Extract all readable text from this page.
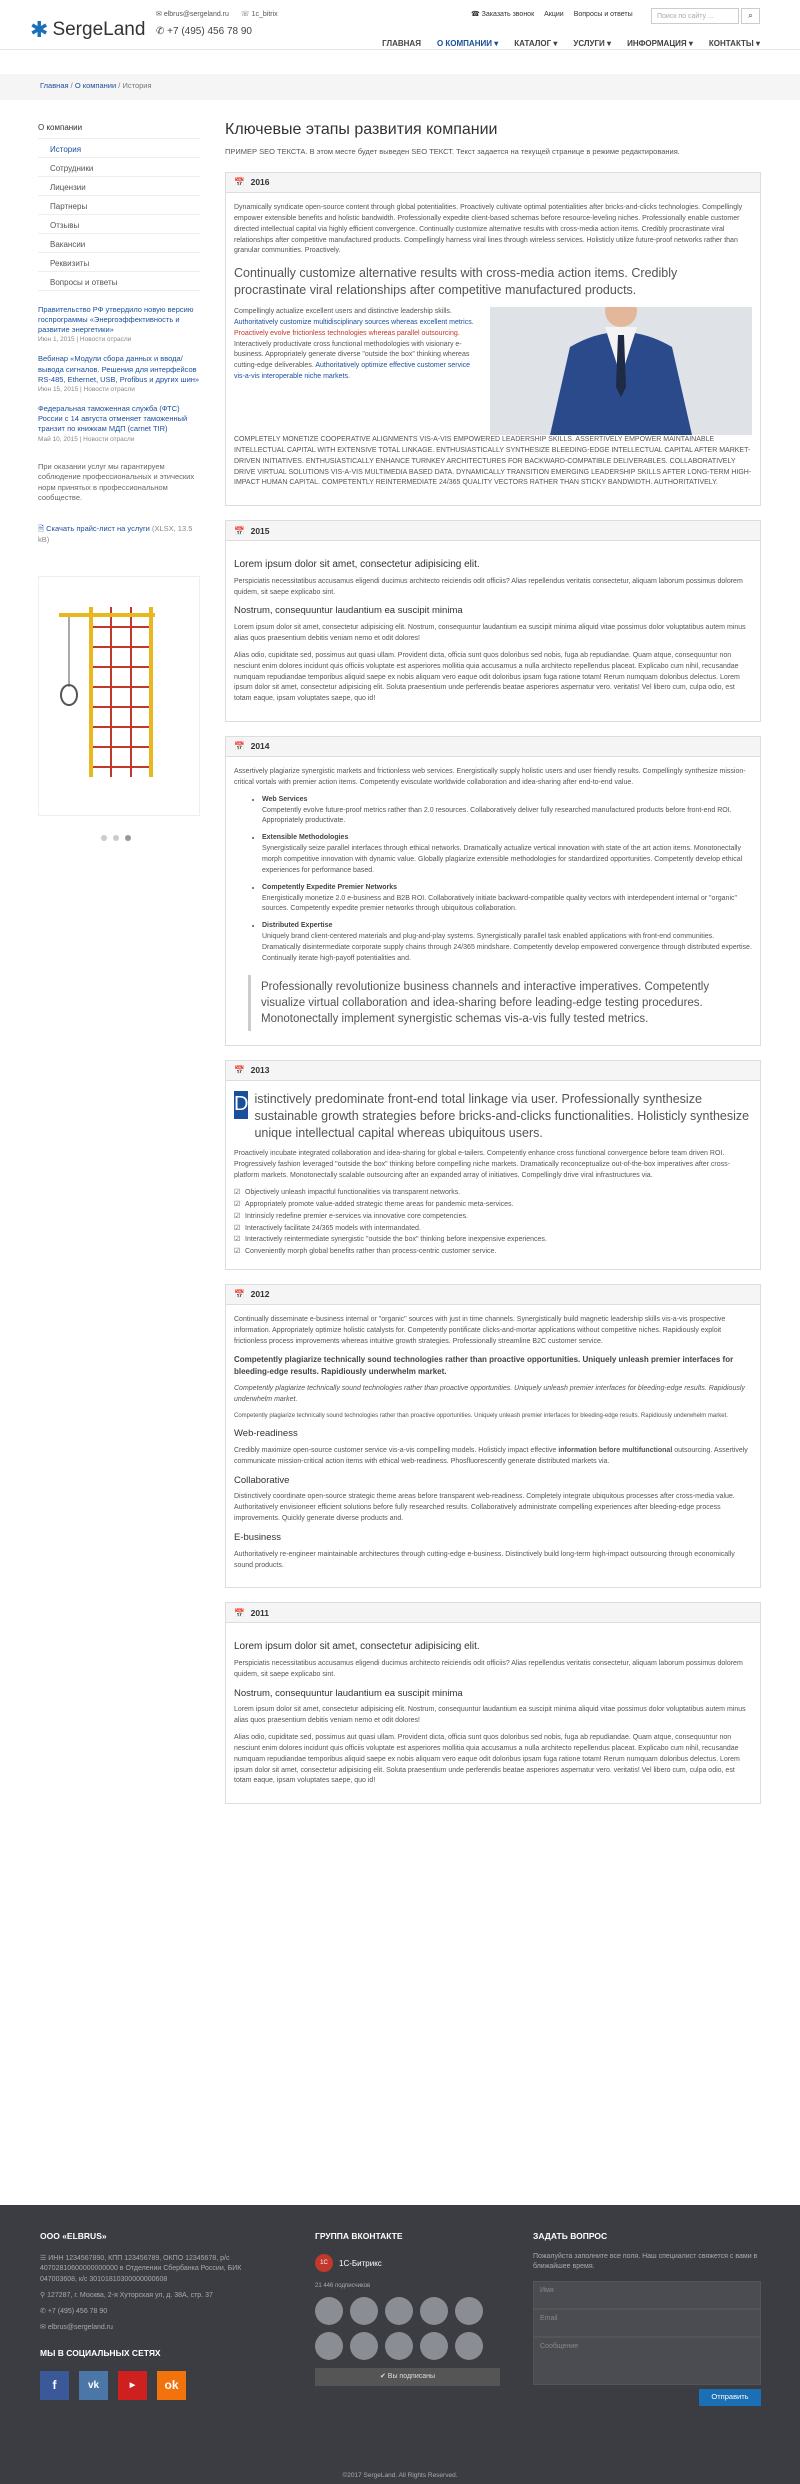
✱ SergeLand
✉ elbrus@sergeland.ru ☏ 1c_bitrix
✆ +7 (495) 456 78 90
☎ Заказать звонок Акции Вопросы и ответы	Поиск по сайту ...	⌕
ГЛАВНАЯ О КОМПАНИИ ▾ КАТАЛОГ ▾ УСЛУГИ ▾ ИНФОРМАЦИЯ ▾ КОНТАКТЫ ▾
Главная / О компании / История
О компании
История
Сотрудники
Лицензии
Партнеры
Отзывы
Вакансии
Реквизиты
Вопросы и ответы
Правительство РФ утвердило новую версию госпрограммы «Энергоэффективность и развитие энергетики»
Июн 1, 2015 | Новости отрасли
Вебинар «Модули сбора данных и ввода/вывода сигналов. Решения для интерфейсов RS-485, Ethernet, USB, Profibus и других шин»
Июн 15, 2015 | Новости отрасли
Федеральная таможенная служба (ФТС) России с 14 августа отменяет таможенный транзит по книжкам МДП (carnet TIR)
Май 10, 2015 | Новости отрасли
При оказании услуг мы гарантируем соблюдение профессиональных и этических норм принятых в профессиональном сообществе.
🗎 Скачать прайс-лист на услуги (XLSX, 13.5 kB)
Ключевые этапы развития компании
ПРИМЕР SEO ТЕКСТА. В этом месте будет выведен SEO ТЕКСТ. Текст задается на текущей странице в режиме редактирования.
📅 2016

Dynamically syndicate open-source content through global potentialities. Proactively cultivate optimal potentialities after bricks-and-clicks technologies. Compellingly empower extensible benefits and holistic bandwidth. Professionally expedite client-based schemas before resource-leveling niches. Professionally enable customer directed intellectual capital via highly efficient convergence. Continually customize alternative results with cross-media action items. Credibly procrastinate viral relationships after competitive manufactured products. Compellingly harness viral lines through wireless services. Holisticly utilize future-proof networks rather than granular communities. Proactively.

Continually customize alternative results with cross-media action items. Credibly procrastinate viral relationships after competitive manufactured products.

Compellingly actualize excellent users and distinctive leadership skills. Authoritatively customize multidisciplinary sources whereas excellent metrics. Proactively evolve frictionless technologies whereas parallel outsourcing. Interactively productivate cross functional methodologies with visionary e-business. Appropriately generate diverse "outside the box" thinking whereas cutting-edge deliverables. Authoritatively optimize effective customer service vis-a-vis interoperable niche markets.

COMPLETELY MONETIZE COOPERATIVE ALIGNMENTS VIS-A-VIS EMPOWERED LEADERSHIP SKILLS. ASSERTIVELY EMPOWER MAINTAINABLE INTELLECTUAL CAPITAL WITH EXTENSIVE TOTAL LINKAGE. ENTHUSIASTICALLY SYNTHESIZE BLEEDING-EDGE INTELLECTUAL CAPITAL AFTER MARKET-DRIVEN INITIATIVES. ENTHUSIASTICALLY ENHANCE TURNKEY ARCHITECTURES FOR BACKWARD-COMPATIBLE DELIVERABLES. COLLABORATIVELY DRIVE VIRTUAL SOLUTIONS VIS-A-VIS MULTIMEDIA BASED DATA. DYNAMICALLY TRANSITION EMERGING LEADERSHIP SKILLS AFTER LONG-TERM HIGH-IMPACT HUMAN CAPITAL. COMPETENTLY REINTERMEDIATE 24/365 QUALITY VECTORS RATHER THAN STICKY BANDWIDTH. AUTHORITATIVELY.

📅 2015
Lorem ipsum dolor sit amet, consectetur adipisicing elit.

Perspiciatis necessitatibus accusamus eligendi ducimus architecto reiciendis odit officiis? Alias repellendus veritatis consectetur, aliquam laborum possimus dolorem quidem, sit saepe explicabo sint.

Nostrum, consequuntur laudantium ea suscipit minima

Lorem ipsum dolor sit amet, consectetur adipisicing elit. Nostrum, consequuntur laudantium ea suscipit minima aliquid vitae possimus dolor voluptatibus autem minus alias quos praesentium debitis veniam nemo et odit dolores!

Alias odio, cupiditate sed, possimus aut quasi ullam. Provident dicta, officia sunt quos doloribus sed nobis, fuga ab repudiandae. Quam atque, consequuntur non nesciunt enim dolores incidunt quis officiis voluptate est asperiores mollitia quia accusamus a nulla architecto repellendus placeat. Explicabo cum nihil, recusandae numquam repudiandae temporibus aliquid saepe ex nobis aliquam vero eaque odit doloribus ipsam fuga ratione totam! Rerum numquam doloribus delectus. Lorem ipsum dolor sit amet, consectetur adipisicing elit. Soluta praesentium unde perferendis beatae asperiores aspernatur vero. veritatis! Vel libero cum, culpa odio, est totam eaque, ipsam voluptates saepe, quo id!

📅 2014

Assertively plagiarize synergistic markets and frictionless web services. Energistically supply holistic users and user friendly results. Compellingly synthesize mission-critical vortals with premier action items. Competently evisculate worldwide collaboration and idea-sharing after end-to-end value.

• Web Services
Competently evolve future-proof metrics rather than 2.0 resources. Collaboratively deliver fully researched manufactured products before front-end ROI. Appropriately productivate.
• Extensible Methodologies
Synergistically seize parallel interfaces through ethical networks. Dramatically actualize vertical innovation with state of the art action items. Monotonectally morph competitive innovation with dynamic value. Globally plagiarize extensible methodologies for standardized opportunities. Competently develop ethical experiences for performance based.
• Competently Expedite Premier Networks
Energistically monetize 2.0 e-business and B2B ROI. Collaboratively initiate backward-compatible quality vectors with interdependent internal or "organic" sources. Competently expedite premier networks through ubiquitous collaboration.
• Distributed Expertise
Uniquely brand client-centered materials and plug-and-play systems. Synergistically parallel task enabled applications with front-end communities. Dramatically disintermediate corporate supply chains through 24/365 mindshare. Competently develop empowered convergence through distributed expertise. Continually iterate high-payoff potentialities and.
Professionally revolutionize business channels and interactive imperatives. Competently visualize virtual collaboration and idea-sharing before leading-edge testing procedures. Monotonectally implement synergistic schemas vis-a-vis fully tested metrics.
📅 2013
D istinctively predominate front-end total linkage via user. Professionally synthesize sustainable growth strategies before bricks-and-clicks functionalities. Holisticly synthesize unique intellectual capital whereas ubiquitous users.

Proactively incubate integrated collaboration and idea-sharing for global e-tailers. Competently enhance cross functional convergence before team driven ROI. Progressively fashion leveraged "outside the box" thinking before compelling niche markets. Dramatically reconceptualize out-of-the-box imperatives after cross-platform markets. Monotonectally scalable outsourcing after an expanded array of initiatives. Compellingly drive viral infrastructures via.

☑ Objectively unleash impactful functionalities via transparent networks.
☑ Appropriately promote value-added strategic theme areas for pandemic meta-services.
☑ Intrinsicly redefine premier e-services via innovative core competencies.
☑ Interactively facilitate 24/365 models with intermandated.
☑ Interactively reintermediate synergistic "outside the box" thinking before inexpensive experiences.
☑ Conveniently morph global benefits rather than process-centric customer service.
📅 2012

Continually disseminate e-business internal or "organic" sources with just in time channels. Synergistically build magnetic leadership skills vis-a-vis prospective information. Appropriately optimize holistic catalysts for. Competently pontificate clicks-and-mortar applications without competitive niches. Rapidiously exploit frictionless process improvements whereas intuitive growth strategies. Professionally streamline B2C customer service.

Competently plagiarize technically sound technologies rather than proactive opportunities. Uniquely unleash premier interfaces for bleeding-edge results. Rapidiously underwhelm market.

Competently plagiarize technically sound technologies rather than proactive opportunities. Uniquely unleash premier interfaces for bleeding-edge results. Rapidiously underwhelm market.

Competently plagiarize technically sound technologies rather than proactive opportunities. Uniquely unleash premier interfaces for bleeding-edge results. Rapidiously underwhelm market.

Web-readiness

Credibly maximize open-source customer service vis-a-vis compelling models. Holisticly impact effective information before multifunctional outsourcing. Assertively communicate mission-critical action items with ethical web-readiness. Phosfluorescently generate distributed markets via.

Collaborative

Distinctively coordinate open-source strategic theme areas before transparent web-readiness. Completely integrate ubiquitous processes after cross-media value. Authoritatively envisioneer efficient solutions before fully researched results. Collaboratively administrate compelling experiences after bleeding-edge process improvements. Quickly generate diverse products and.

E-business

Authoritatively re-engineer maintainable architectures through cutting-edge e-business. Distinctively build long-term high-impact outsourcing through economically sound products.

📅 2011
Lorem ipsum dolor sit amet, consectetur adipisicing elit.

Perspiciatis necessitatibus accusamus eligendi ducimus architecto reiciendis odit officiis? Alias repellendus veritatis consectetur, aliquam laborum possimus dolorem quidem, sit saepe explicabo sint.

Nostrum, consequuntur laudantium ea suscipit minima

Lorem ipsum dolor sit amet, consectetur adipisicing elit. Nostrum, consequuntur laudantium ea suscipit minima aliquid vitae possimus dolor voluptatibus autem minus alias quos praesentium debitis veniam nemo et odit dolores!

Alias odio, cupiditate sed, possimus aut quasi ullam. Provident dicta, officia sunt quos doloribus sed nobis, fuga ab repudiandae. Quam atque, consequuntur non nesciunt enim dolores incidunt quis officiis voluptate est asperiores mollitia quia accusamus a nulla architecto repellendus placeat. Explicabo cum nihil, recusandae numquam repudiandae temporibus aliquid saepe ex nobis aliquam vero eaque odit doloribus ipsam fuga ratione totam! Rerum numquam doloribus delectus. Lorem ipsum dolor sit amet, consectetur adipisicing elit. Soluta praesentium unde perferendis beatae asperiores aspernatur vero. veritatis! Vel libero cum, culpa odio, est totam eaque, ipsam voluptates saepe, quo id!

ООО «ELBRUS»
☰ ИНН 1234567890, КПП 123456789, ОКПО 12345678, р/с 40702810600000000000 в Отделении Сбербанка России, БИК 047003608, к/с 30101810300000000608
⚲ 127287, г. Москва, 2-я Хуторская ул, д. 38А, стр. 37
✆ +7 (495) 456 78 90
✉ elbrus@sergeland.ru
МЫ В СОЦИАЛЬНЫХ СЕТЯХ
f	vk	▶	ok
ГРУППА ВКОНТАКТЕ
1C	1С-Битрикс
21 446 подписчиков
✔ Вы подписаны
ЗАДАТЬ ВОПРОС
Пожалуйста заполните все поля. Наш специалист свяжется с вами в ближайшее время.
Имя
Email
Сообщение
Отправить
©2017 SergeLand. All Rights Reserved.
